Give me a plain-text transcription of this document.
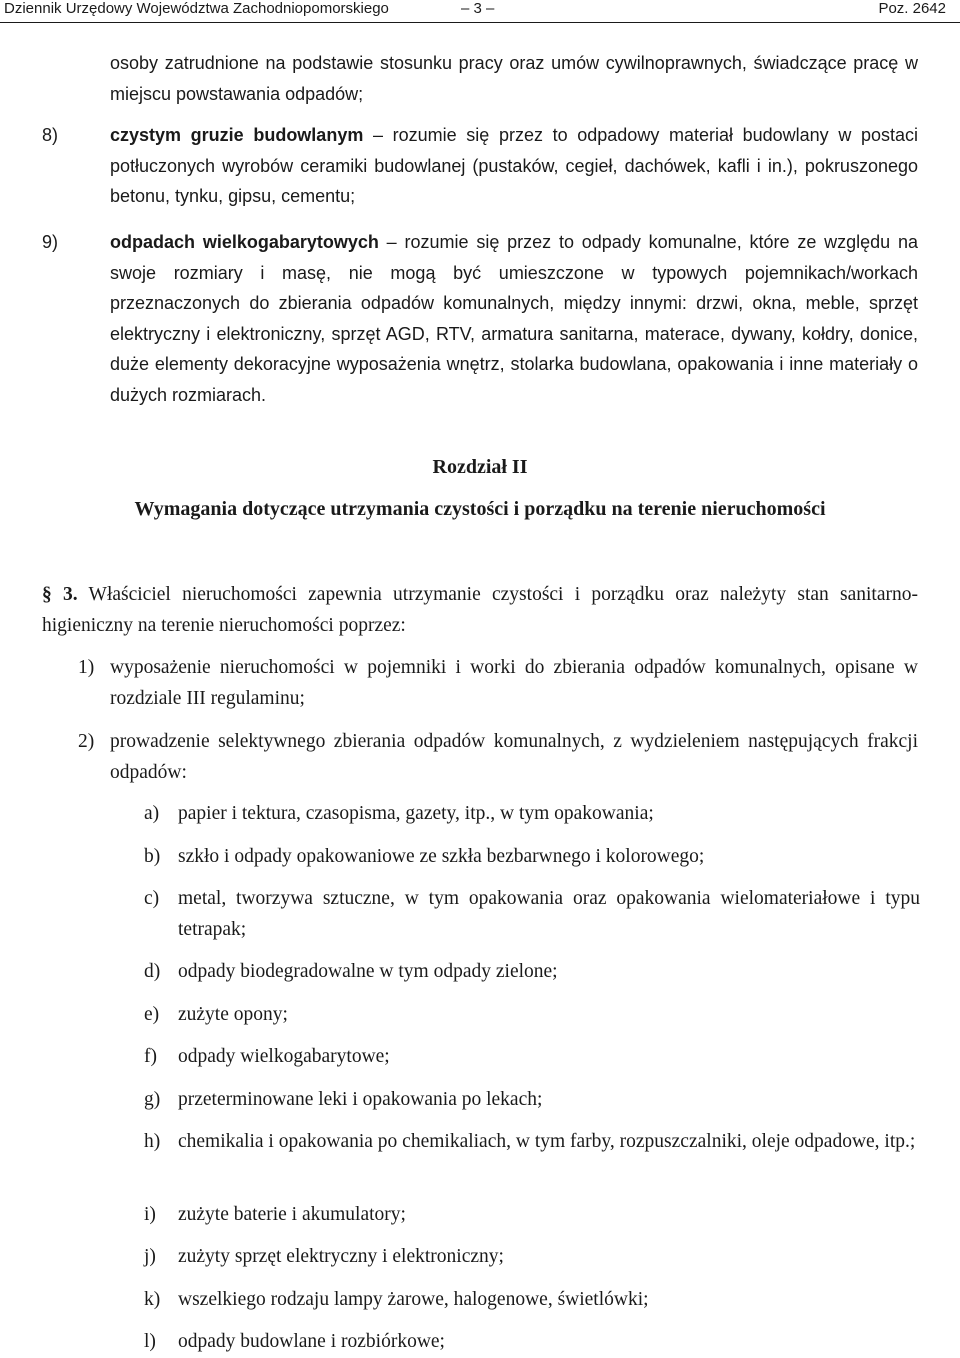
Dziennik Urzędowy Województwa Zachodniopomorskiego	– 3 –	Poz. 2642
osoby zatrudnione na podstawie stosunku pracy oraz umów cywilnoprawnych, świadczące pracę w miejscu powstawania odpadów;
8)	czystym gruzie budowlanym – rozumie się przez to odpadowy materiał budowlany w postaci potłuczonych wyrobów ceramiki budowlanej (pustaków, cegieł, dachówek, kafli i in.), pokruszonego betonu, tynku, gipsu, cementu;
9)	odpadach wielkogabarytowych – rozumie się przez to odpady komunalne, które ze względu na swoje rozmiary i masę, nie mogą być umieszczone w typowych pojemnikach/workach przeznaczonych do zbierania odpadów komunalnych, między innymi: drzwi, okna, meble, sprzęt elektryczny i elektroniczny, sprzęt AGD, RTV, armatura sanitarna, materace, dywany, kołdry, donice, duże elementy dekoracyjne wyposażenia wnętrz, stolarka budowlana, opakowania i inne materiały o dużych rozmiarach.
Rozdział II
Wymagania dotyczące utrzymania czystości i porządku na terenie nieruchomości
§ 3. Właściciel nieruchomości zapewnia utrzymanie czystości i porządku oraz należyty stan sanitarno-higieniczny na terenie nieruchomości poprzez:
1) wyposażenie nieruchomości w pojemniki i worki do zbierania odpadów komunalnych, opisane w rozdziale III regulaminu;
2) prowadzenie selektywnego zbierania odpadów komunalnych, z wydzieleniem następujących frakcji odpadów:
a) papier i tektura, czasopisma, gazety, itp., w tym opakowania;
b) szkło i odpady opakowaniowe ze szkła bezbarwnego i kolorowego;
c) metal, tworzywa sztuczne, w tym opakowania oraz opakowania wielomateriałowe i typu tetrapak;
d) odpady biodegradowalne w tym odpady zielone;
e) zużyte opony;
f) odpady wielkogabarytowe;
g) przeterminowane leki i opakowania po lekach;
h) chemikalia i opakowania po chemikaliach, w tym farby, rozpuszczalniki, oleje odpadowe, itp.;
i) zużyte baterie i akumulatory;
j) zużyty sprzęt elektryczny i elektroniczny;
k) wszelkiego rodzaju lampy żarowe, halogenowe, świetlówki;
l) odpady budowlane i rozbiórkowe;
